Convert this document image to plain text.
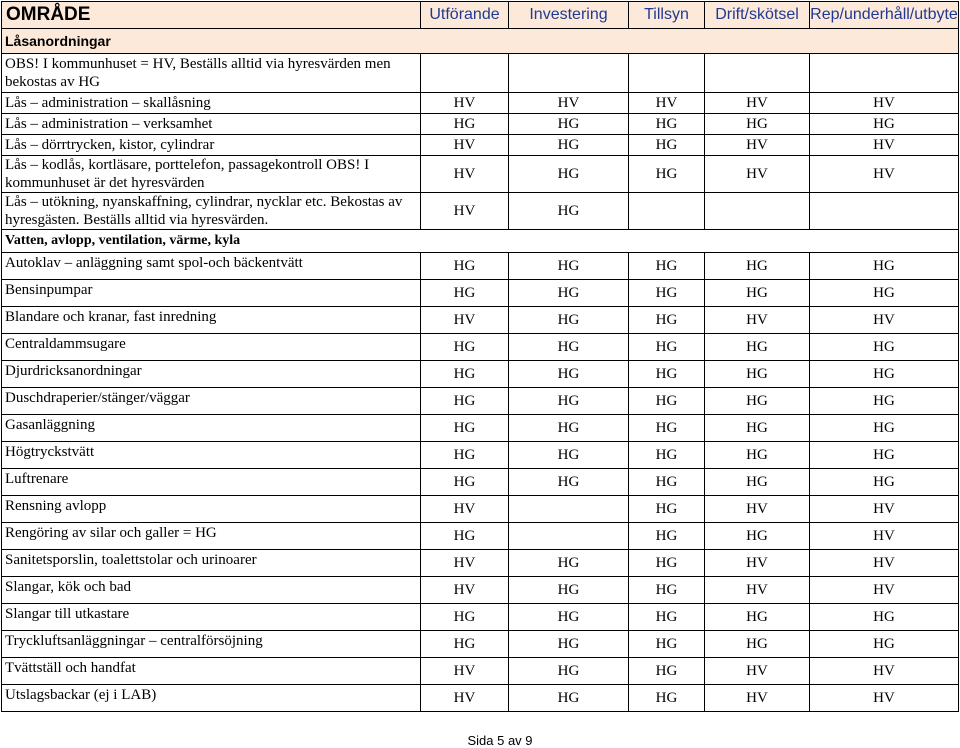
OMRÅDE	Utförande	Investering	Tillsyn	Drift/skötsel	Rep/underhåll/utbyte
Låsanordningar					
OBS! I kommunhuset = HV, Beställs alltid via hyresvärden men bekostas av HG					
Lås – administration – skallåsning	HV	HV	HV	HV	HV
Lås – administration – verksamhet	HG	HG	HG	HG	HG
Lås – dörrtrycken, kistor, cylindrar	HV	HG	HG	HV	HV
Lås – kodlås, kortläsare, porttelefon, passagekontroll OBS! I kommunhuset är det hyresvärden	HV	HG	HG	HV	HV
Lås – utökning, nyanskaffning, cylindrar, nycklar etc. Bekostas av hyresgästen. Beställs alltid via hyresvärden.	HV	HG			
Vatten, avlopp, ventilation, värme, kyla					
Autoklav – anläggning samt spol-och bäckentvätt	HG	HG	HG	HG	HG
Bensinpumpar	HG	HG	HG	HG	HG
Blandare och kranar, fast inredning	HV	HG	HG	HV	HV
Centraldammsugare	HG	HG	HG	HG	HG
Djurdricksanordningar	HG	HG	HG	HG	HG
Duschdraperier/stänger/väggar	HG	HG	HG	HG	HG
Gasanläggning	HG	HG	HG	HG	HG
Högtryckstvätt	HG	HG	HG	HG	HG
Luftrenare	HG	HG	HG	HG	HG
Rensning avlopp	HV		HG	HV	HV
Rengöring av silar och galler = HG	HG		HG	HG	HV
Sanitetsporslin, toalettstolar och urinoarer	HV	HG	HG	HV	HV
Slangar, kök och bad	HV	HG	HG	HV	HV
Slangar till utkastare	HG	HG	HG	HG	HG
Tryckluftsanläggningar – centralförsöjning	HG	HG	HG	HG	HG
Tvättställ och handfat	HV	HG	HG	HV	HV
Utslagsbackar (ej i LAB)	HV	HG	HG	HV	HV
Sida 5 av 9
